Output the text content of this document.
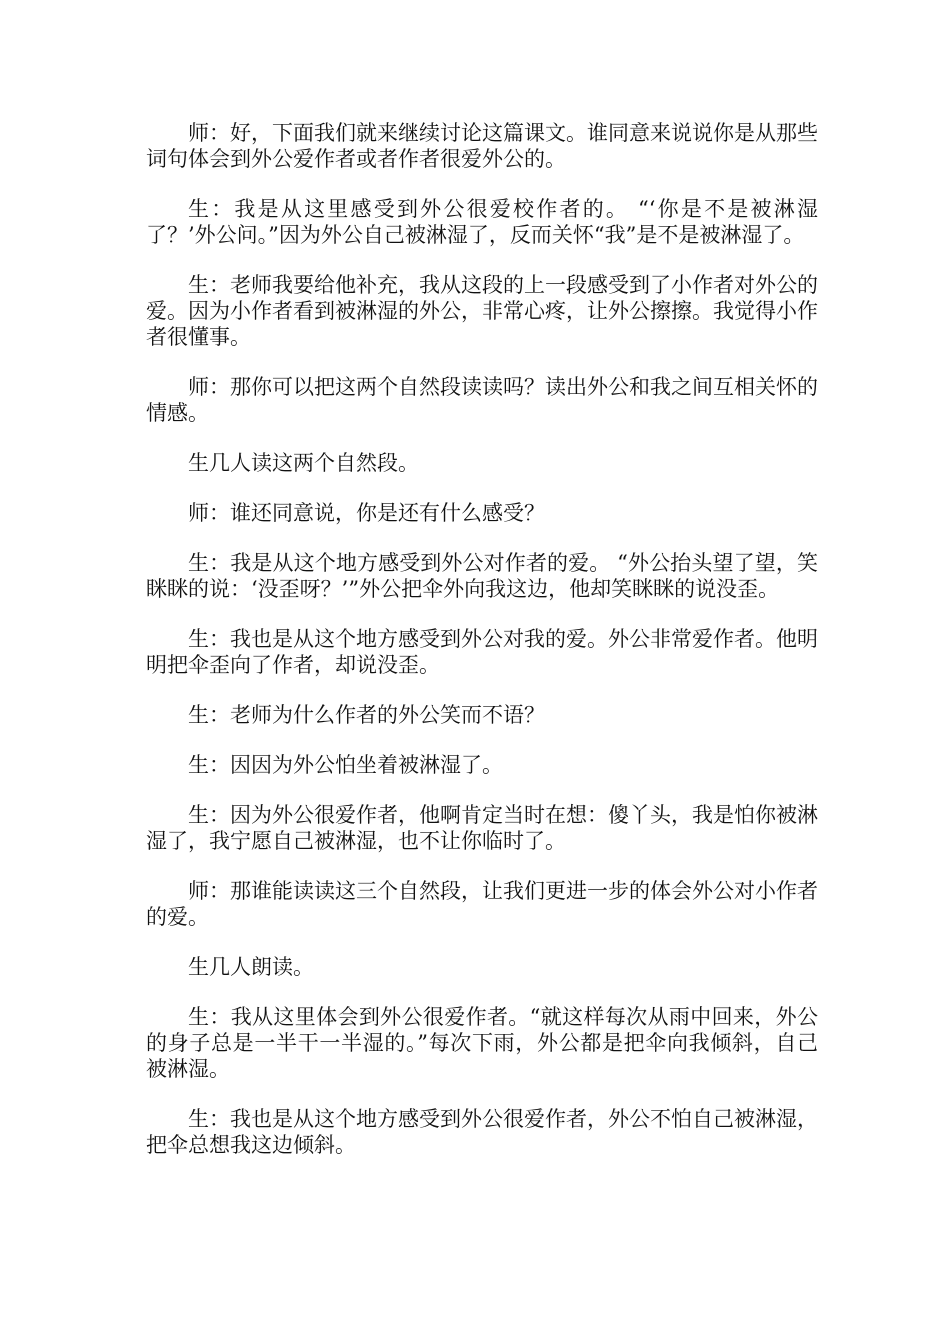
师：好，下面我们就来继续讨论这篇课文。谁同意来说说你是从那些词句体会到外公爱作者或者作者很爱外公的。

生：我是从这里感受到外公很爱校作者的。 “‘你是不是被淋湿了？’外公问。”因为外公自己被淋湿了，反而关怀“我”是不是被淋湿了。

生：老师我要给他补充，我从这段的上一段感受到了小作者对外公的爱。因为小作者看到被淋湿的外公，非常心疼，让外公擦擦。我觉得小作者很懂事。

师：那你可以把这两个自然段读读吗？读出外公和我之间互相关怀的情感。

生几人读这两个自然段。

师：谁还同意说，你是还有什么感受？

生：我是从这个地方感受到外公对作者的爱。 “外公抬头望了望，笑眯眯的说：‘没歪呀？’”外公把伞外向我这边，他却笑眯眯的说没歪。

生：我也是从这个地方感受到外公对我的爱。外公非常爱作者。他明明把伞歪向了作者，却说没歪。

生：老师为什么作者的外公笑而不语？

生：因因为外公怕坐着被淋湿了。

生：因为外公很爱作者，他啊肯定当时在想：傻丫头，我是怕你被淋湿了，我宁愿自己被淋湿，也不让你临时了。

师：那谁能读读这三个自然段，让我们更进一步的体会外公对小作者的爱。

生几人朗读。

生：我从这里体会到外公很爱作者。“就这样每次从雨中回来，外公的身子总是一半干一半湿的。”每次下雨，外公都是把伞向我倾斜，自己被淋湿。

生：我也是从这个地方感受到外公很爱作者，外公不怕自己被淋湿，把伞总想我这边倾斜。
